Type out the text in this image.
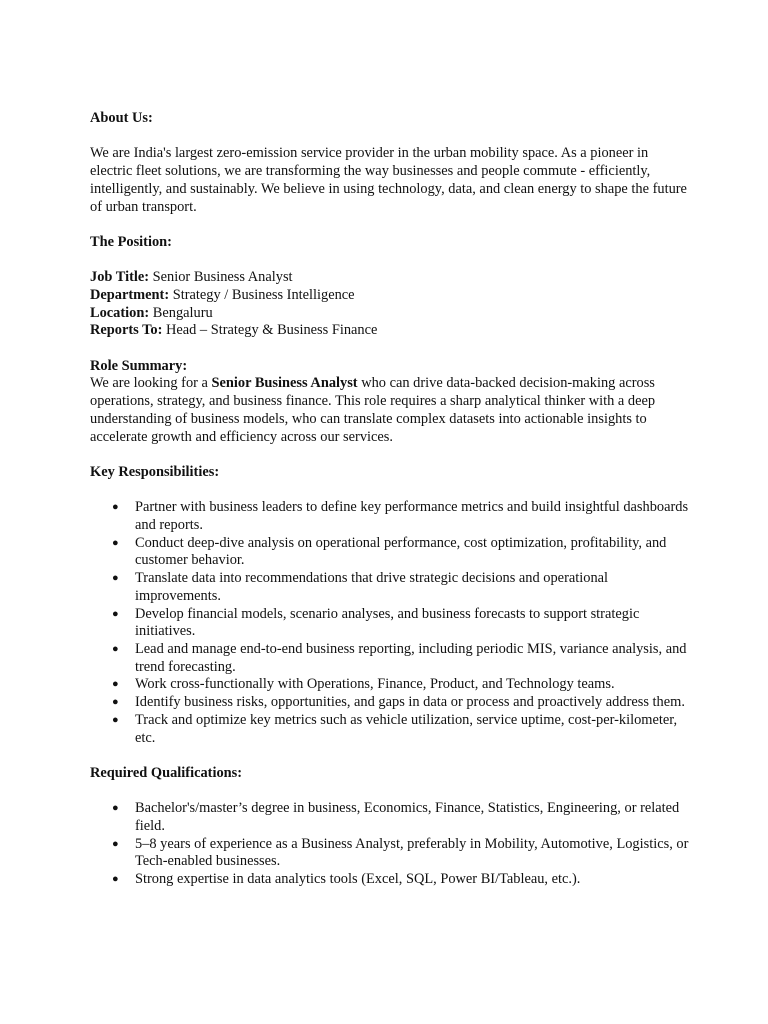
About Us:

We are India's largest zero-emission service provider in the urban mobility space. As a pioneer in electric fleet solutions, we are transforming the way businesses and people commute - efficiently, intelligently, and sustainably. We believe in using technology, data, and clean energy to shape the future of urban transport.

The Position:

Job Title: Senior Business Analyst

Department: Strategy / Business Intelligence

Location: Bengaluru

Reports To: Head – Strategy & Business Finance

Role Summary:

We are looking for a Senior Business Analyst who can drive data-backed decision-making across operations, strategy, and business finance. This role requires a sharp analytical thinker with a deep understanding of business models, who can translate complex datasets into actionable insights to accelerate growth and efficiency across our services.

Key Responsibilities:

● Partner with business leaders to define key performance metrics and build insightful dashboards and reports.
● Conduct deep-dive analysis on operational performance, cost optimization, profitability, and customer behavior.
● Translate data into recommendations that drive strategic decisions and operational improvements.
● Develop financial models, scenario analyses, and business forecasts to support strategic initiatives.
● Lead and manage end-to-end business reporting, including periodic MIS, variance analysis, and trend forecasting.
● Work cross-functionally with Operations, Finance, Product, and Technology teams.
● Identify business risks, opportunities, and gaps in data or process and proactively address them.
● Track and optimize key metrics such as vehicle utilization, service uptime, cost-per-kilometer, etc.

Required Qualifications:

● Bachelor's/master’s degree in business, Economics, Finance, Statistics, Engineering, or related field.
● 5–8 years of experience as a Business Analyst, preferably in Mobility, Automotive, Logistics, or Tech-enabled businesses.
● Strong expertise in data analytics tools (Excel, SQL, Power BI/Tableau, etc.).
